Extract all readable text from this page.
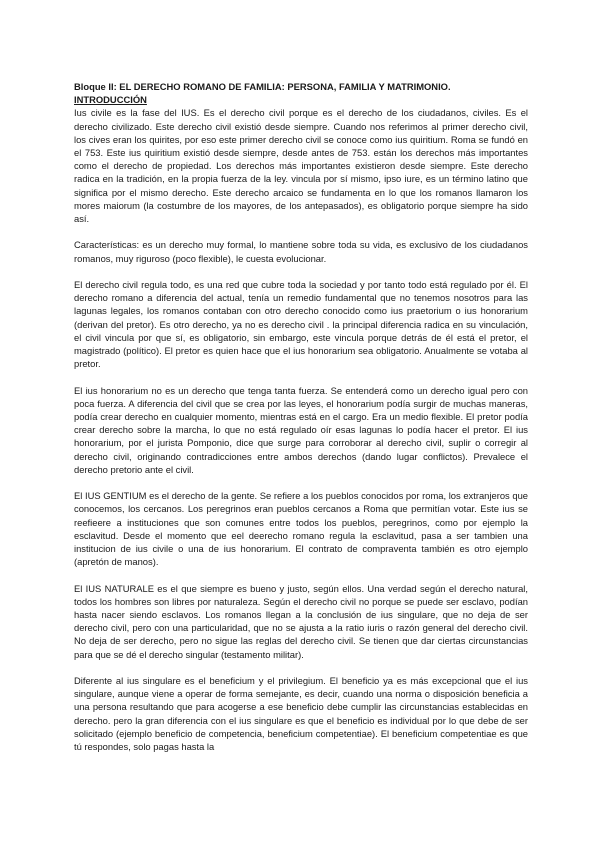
Bloque II: EL DERECHO ROMANO DE FAMILIA: PERSONA, FAMILIA Y MATRIMONIO.

INTRODUCCIÓN

Ius civile es la fase del IUS. Es el derecho civil porque es el derecho de los ciudadanos, civiles. Es el derecho civilizado. Este derecho civil existió desde siempre. Cuando nos referimos al primer derecho civil, los cives eran los quirites, por eso este primer derecho civil se conoce como ius quiritium. Roma se fundó en el 753. Este ius quiritium existió desde siempre, desde antes de 753. están los derechos más importantes como el derecho de propiedad. Los derechos más importantes existieron desde siempre. Este derecho radica en la tradición, en la propia fuerza de la ley. vincula por sí mismo, ipso iure, es un término latino que significa por el mismo derecho. Este derecho arcaico se fundamenta en lo que los romanos llamaron los mores maiorum (la costumbre de los mayores, de los antepasados), es obligatorio porque siempre ha sido así.

Características: es un derecho muy formal, lo mantiene sobre toda su vida, es exclusivo de los ciudadanos romanos, muy riguroso (poco flexible), le cuesta evolucionar.

El derecho civil regula todo, es una red que cubre toda la sociedad y por tanto todo está regulado por él. El derecho romano a diferencia del actual, tenía un remedio fundamental que no tenemos nosotros para las lagunas legales, los romanos contaban con otro derecho conocido como ius praetorium o ius honorarium (derivan del pretor). Es otro derecho, ya no es derecho civil . la principal diferencia radica en su vinculación, el civil vincula por que sí, es obligatorio, sin embargo, este vincula porque detrás de él está el pretor, el magistrado (político). El pretor es quien hace que el ius honorarium sea obligatorio. Anualmente se votaba al pretor.

El ius honorarium no es un derecho que tenga tanta fuerza. Se entenderá como un derecho igual pero con poca fuerza. A diferencia del civil que se crea por las leyes, el honorarium podía surgir de muchas maneras, podía crear derecho en cualquier momento, mientras está en el cargo. Era un medio flexible. El pretor podía crear derecho sobre la marcha, lo que no está regulado oír esas lagunas lo podía hacer el pretor. El ius honorarium, por el jurista Pomponio, dice que surge para corroborar al derecho civil, suplir o corregir al derecho civil, originando contradicciones entre ambos derechos (dando lugar conflictos). Prevalece el derecho pretorio ante el civil.

El IUS GENTIUM es el derecho de la gente. Se refiere a los pueblos conocidos por roma, los extranjeros que conocemos, los cercanos. Los peregrinos eran pueblos cercanos a Roma que permitían votar. Este ius se reefieere a instituciones que son comunes entre todos los pueblos, peregrinos, como por ejemplo la esclavitud. Desde el momento que eel deerecho romano regula la esclavitud, pasa a ser tambien una institucion de ius civile o una de ius honorarium. El contrato de compraventa también es otro ejemplo (apretón de manos).

El IUS NATURALE es el que siempre es bueno y justo, según ellos. Una verdad según el derecho natural, todos los hombres son libres por naturaleza. Según el derecho civil no porque se puede ser esclavo, podían hasta nacer siendo esclavos. Los romanos llegan a la conclusión de ius singulare, que no deja de ser derecho civil, pero con una particularidad, que no se ajusta a la ratio iuris o razón general del derecho civil. No deja de ser derecho, pero no sigue las reglas del derecho civil. Se tienen que dar ciertas circunstancias para que se dé el derecho singular (testamento militar).

Diferente al ius singulare es el beneficium y el privilegium. El beneficio ya es más excepcional que el ius singulare, aunque viene a operar de forma semejante, es decir, cuando una norma o disposición beneficia a una persona resultando que para acogerse a ese beneficio debe cumplir las circunstancias establecidas en derecho. pero la gran diferencia con el ius singulare es que el beneficio es individual por lo que debe de ser solicitado (ejemplo beneficio de competencia, beneficium competentiae). El beneficium competentiae es que tú respondes, solo pagas hasta la
